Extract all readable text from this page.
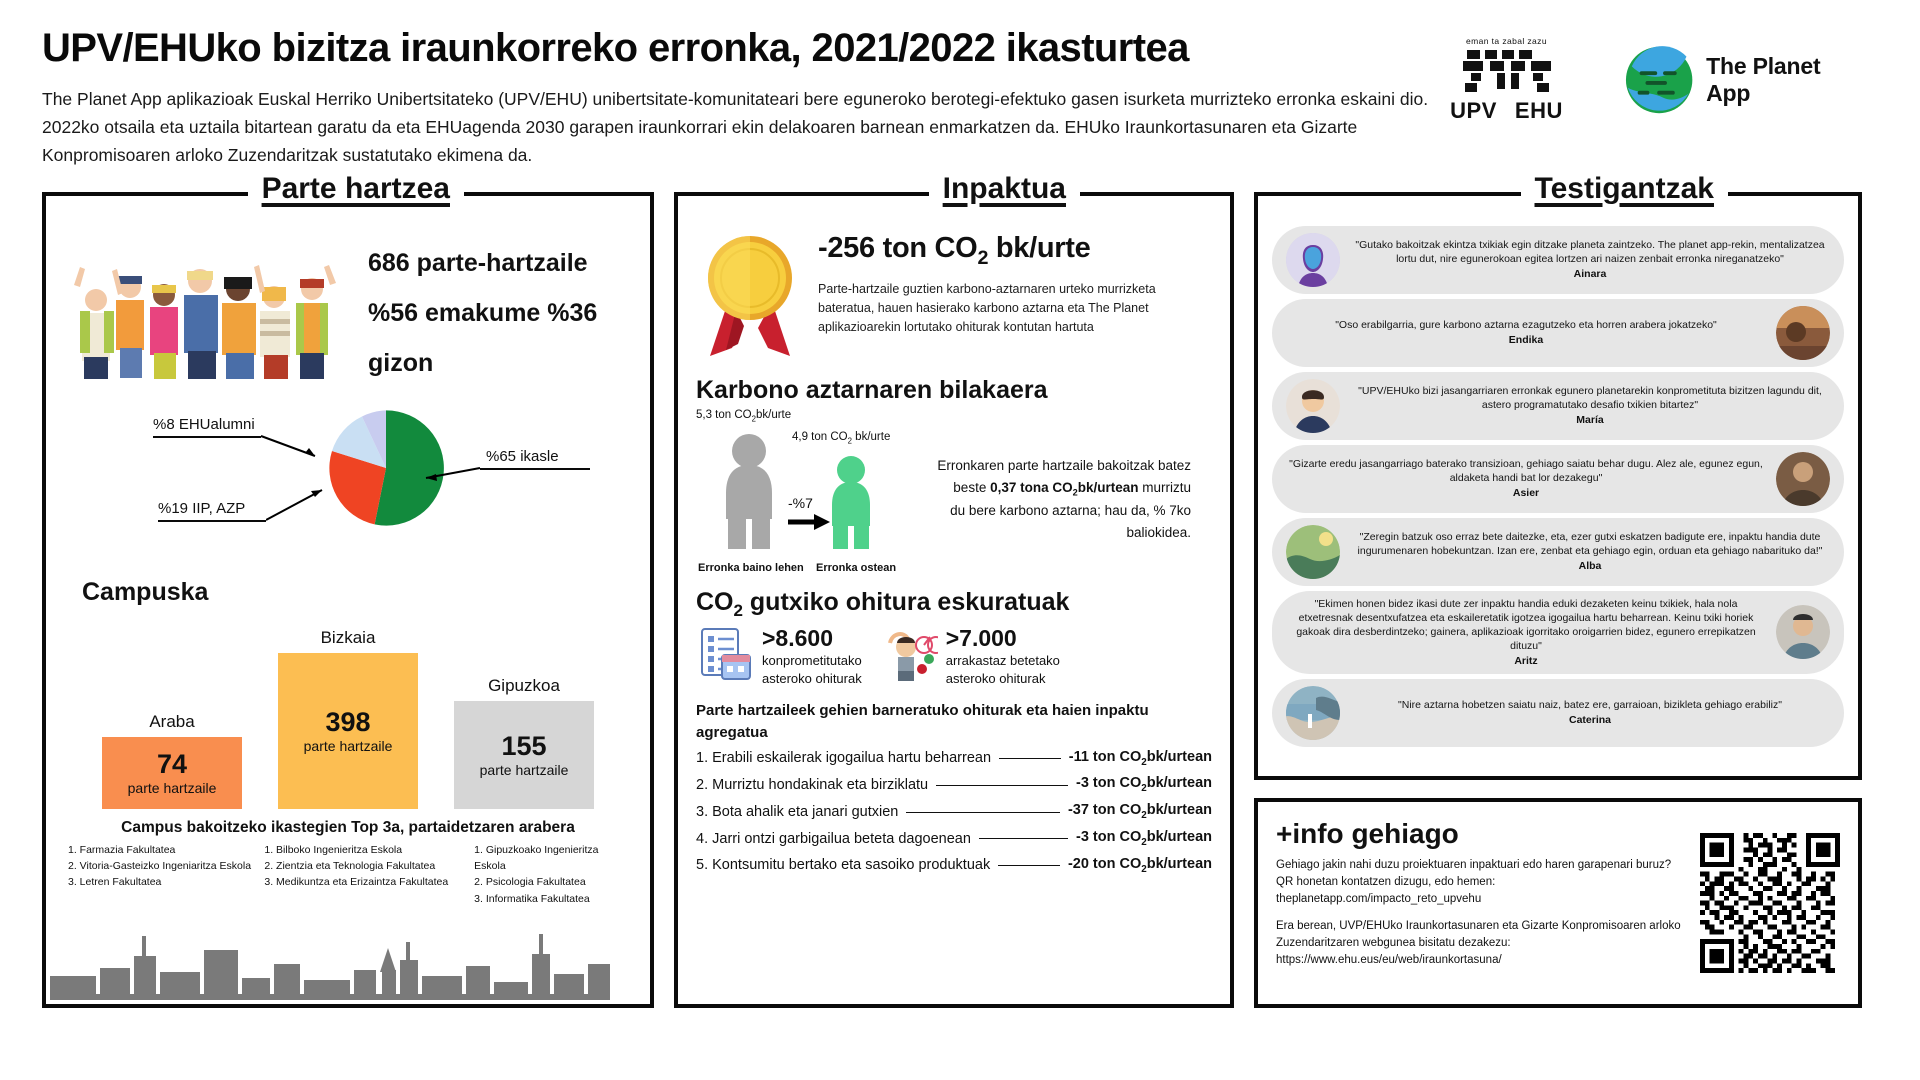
UPV/EHUko bizitza iraunkorreko erronka, 2021/2022 ikasturtea
The Planet App aplikazioak Euskal Herriko Unibertsitateko (UPV/EHU) unibertsitate-komunitateari bere eguneroko berotegi-efektuko gasen isurketa murrizteko erronka eskaini dio. 2022ko otsaila eta uztaila bitartean garatu da eta EHUagenda 2030 garapen iraunkorrari ekin delakoaren barnean enmarkatzen da. EHUko Iraunkortasunaren eta Gizarte Konpromisoaren arloko Zuzendaritzak sustatutako ekimena da.
eman ta zabal zazu
UPV EHU
The Planet App
Parte hartzea
686 parte-hartzaile
%56 emakume %36 gizon
%8 EHUalumni
%19 IIP, AZP
%65 ikasle
Campuska
Araba
74
parte hartzaile
Bizkaia
398
parte hartzaile
Gipuzkoa
155
parte hartzaile
Campus bakoitzeko ikastegien Top 3a, partaidetzaren arabera
1. Farmazia Fakultatea
2. Vitoria-Gasteizko Ingeniaritza Eskola
3. Letren Fakultatea
1. Bilboko Ingenieritza Eskola
2. Zientzia eta Teknologia Fakultatea
3. Medikuntza eta Erizaintza Fakultatea
1. Gipuzkoako Ingenieritza Eskola
2. Psicologia Fakultatea
3. Informatika Fakultatea
Inpaktua
-256 ton $CO_2$ bk/urte
Parte-hartzaile guztien karbono-aztarnaren urteko murrizketa bateratua, hauen hasierako karbono aztarna eta The Planet aplikazioarekin lortutako ohiturak kontutan hartuta
Karbono aztarnaren bilakaera
5,3 ton $CO_2bk$/urte
4,9 ton $CO_2$ bk/urte
-%7
Erronka baino lehen Erronka ostean
Erronkaren parte hartzaile bakoitzak batez beste 0,37 tona $CO_2bk$/urtean murriztu du bere karbono aztarna; hau da, % 7ko baliokidea.
$CO_2$ gutxiko ohitura eskuratuak
>8.600
konprometitutako
asteroko ohiturak
>7.000
arrakastaz betetako
asteroko ohiturak
Parte hartzaileek gehien barneratuko ohiturak eta haien inpaktu agregatua
1. Erabili eskailerak igogailua hartu beharrean	-11 ton $CO_2bk$/urtean
2. Murriztu hondakinak eta birziklatu	-3 ton $CO_2bk$/urtean
3. Bota ahalik eta janari gutxien	-37 ton $CO_2bk$/urtean
4. Jarri ontzi garbigailua beteta dagoenean	-3 ton $CO_2bk$/urtean
5. Kontsumitu bertako eta sasoiko produktuak	-20 ton $CO_2bk$/urtean
Testigantzak
"Gutako bakoitzak ekintza txikiak egin ditzake planeta zaintzeko. The planet app-rekin, mentalizatzea lortu dut, nire egunerokoan egitea lortzen ari naizen zenbait erronka nireganatzeko"
Ainara
"Oso erabilgarria, gure karbono aztarna ezagutzeko eta horren arabera jokatzeko"
Endika
"UPV/EHUko bizi jasangarriaren erronkak egunero planetarekin konprometituta bizitzen lagundu dit, astero programatutako desafio txikien bitartez"
María
"Gizarte eredu jasangarriago baterako transizioan, gehiago saiatu behar dugu. Alez ale, egunez egun, aldaketa handi bat lor dezakegu"
Asier
"Zeregin batzuk oso erraz bete daitezke, eta, ezer gutxi eskatzen badigute ere, inpaktu handia dute ingurumenaren hobekuntzan. Izan ere, zenbat eta gehiago egin, orduan eta gehiago nabarituko da!"
Alba
"Ekimen honen bidez ikasi dute zer inpaktu handia eduki dezaketen keinu txikiek, hala nola etxetresnak desentxufatzea eta eskaileretatik igotzea igogailua hartu beharrean. Keinu txiki horiek gakoak dira desberdintzeko; gainera, aplikazioak igorritako oroigarrien bidez, egunero errepikatzen dituzu"
Aritz
"Nire aztarna hobetzen saiatu naiz, batez ere, garraioan, bizikleta gehiago erabiliz"
Caterina
+info gehiago
Gehiago jakin nahi duzu proiektuaren inpaktuari edo haren garapenari buruz? QR honetan kontatzen dizugu, edo hemen: theplanetapp.com/impacto_reto_upvehu
Era berean, UVP/EHUko Iraunkortasunaren eta Gizarte Konpromisoaren arloko Zuzendaritzaren webgunea bisitatu dezakezu: https://www.ehu.eus/eu/web/iraunkortasuna/
